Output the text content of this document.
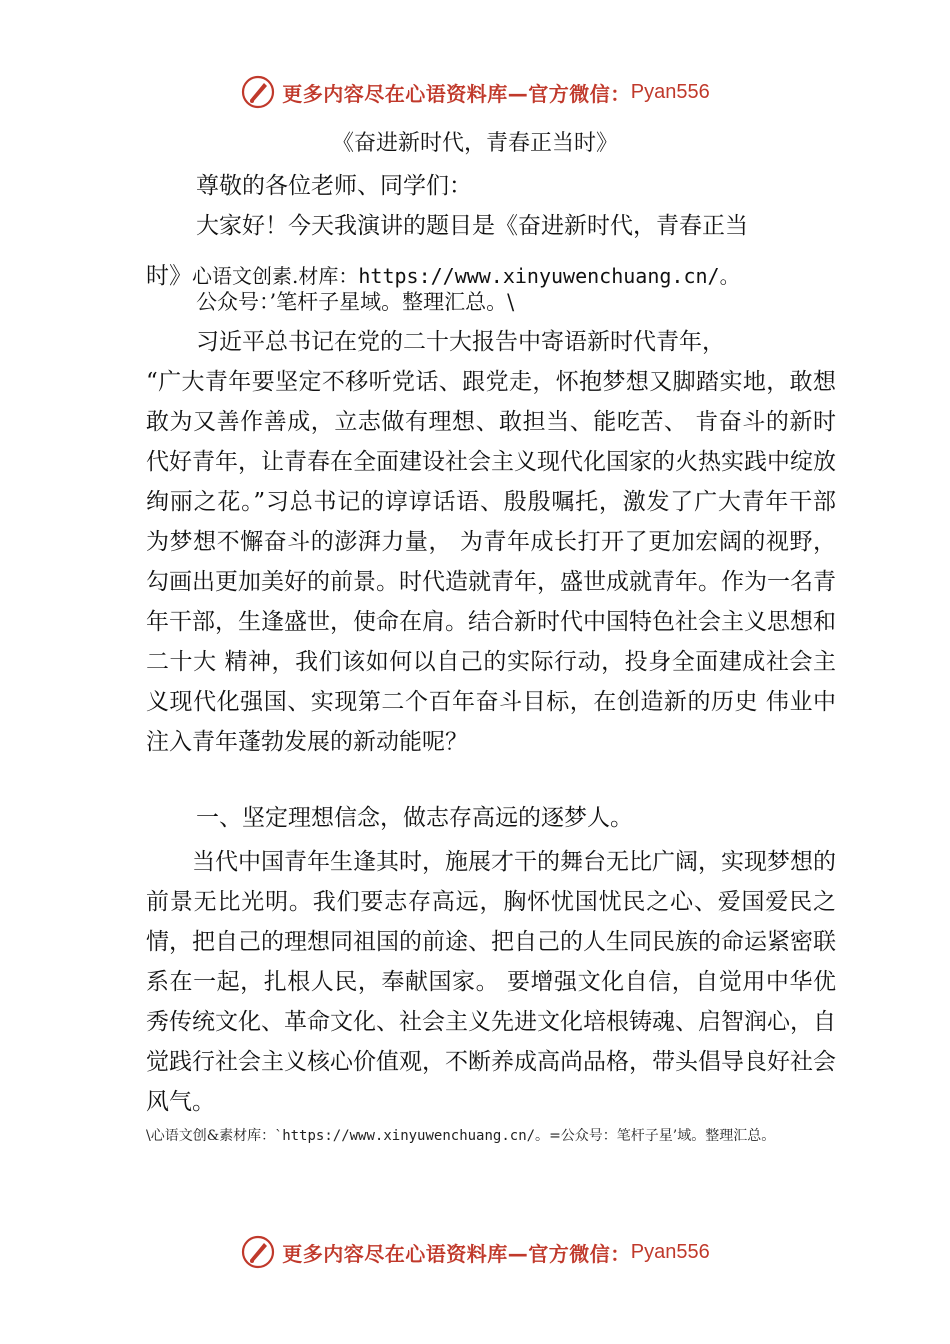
更多内容尽在心语资料库—官方微信： Pyan556
《奋进新时代，青春正当时》
尊敬的各位老师、同学们：
大家好！今天我演讲的题目是《奋进新时代，青春正当
时》心语文创素.材库：https://www.xinyuwenchuang.cn/。
公众号：’笔杆子星域。整理汇总。\
习近平总书记在党的二十大报告中寄语新时代青年，
“广大青年要坚定不移听党话、跟党走，怀抱梦想又脚踏实地，敢想敢为又善作善成，立志做有理想、敢担当、能吃苦、 肯奋斗的新时代好青年，让青春在全面建设社会主义现代化国家的火热实践中绽放绚丽之花。”习总书记的谆谆话语、殷殷嘱托，激发了广大青年干部为梦想不懈奋斗的澎湃力量， 为青年成长打开了更加宏阔的视野，勾画出更加美好的前景。时代造就青年，盛世成就青年。作为一名青年干部，生逢盛世，使命在肩。结合新时代中国特色社会主义思想和二十大 精神，我们该如何以自己的实际行动，投身全面建成社会主 义现代化强国、实现第二个百年奋斗目标，在创造新的历史 伟业中注入青年蓬勃发展的新动能呢？
一、坚定理想信念，做志存高远的逐梦人。
当代中国青年生逢其时，施展才干的舞台无比广阔，实现梦想的前景无比光明。我们要志存高远，胸怀忧国忧民之心、爱国爱民之情，把自己的理想同祖国的前途、把自己的人生同民族的命运紧密联系在一起，扎根人民，奉献国家。 要增强文化自信，自觉用中华优秀传统文化、革命文化、社会主义先进文化培根铸魂、启智润心，自觉践行社会主义核心价值观，不断养成高尚品格，带头倡导良好社会风气。
\心语文创&素材库：`https://www.xinyuwenchuang.cn/。=公众号：笔杆子星’域。整理汇总。
更多内容尽在心语资料库—官方微信： Pyan556
